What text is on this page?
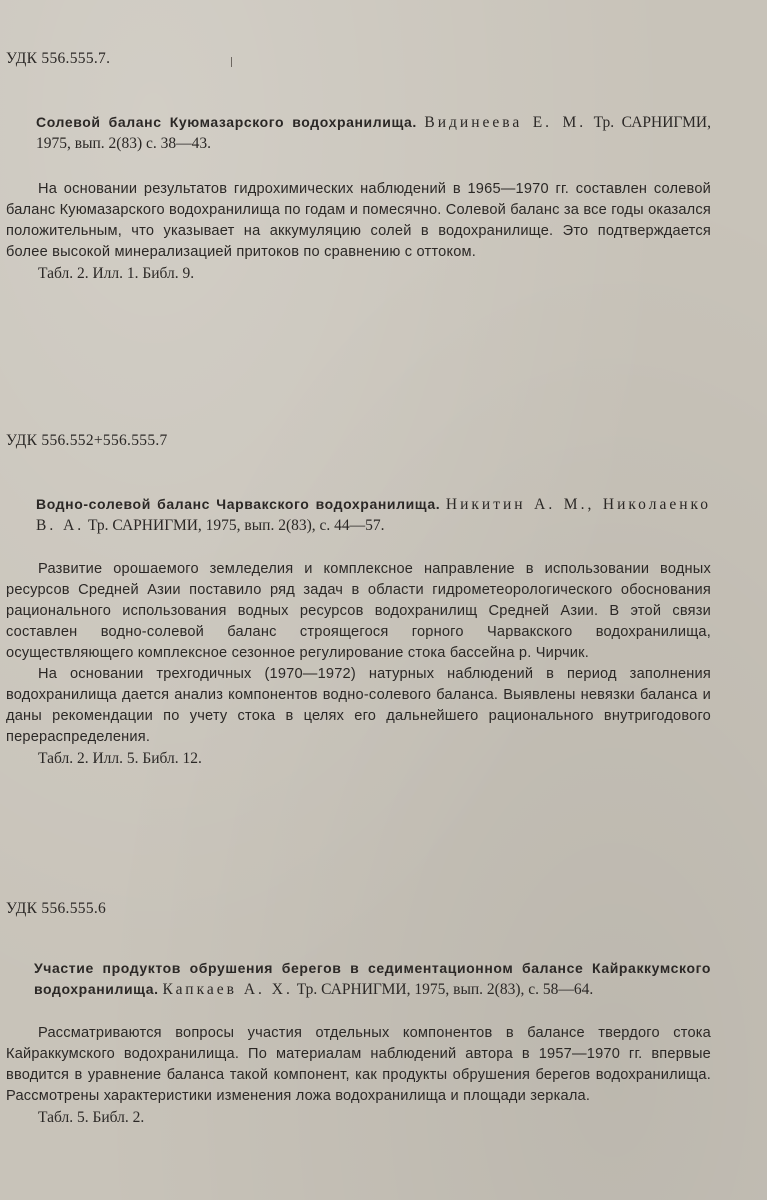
УДК 556.555.7.

Солевой баланс Куюмазарского водохранилища. Видинеева Е. М. Тр. САРНИГМИ, 1975, вып. 2(83) с. 38—43.

На основании результатов гидрохимических наблюдений в 1965—1970 гг. составлен солевой баланс Куюмазарского водохранилища по годам и помесячно. Солевой баланс за все годы оказался положительным, что указывает на аккумуляцию солей в водохранилище. Это подтверждается более высокой минерализацией притоков по сравнению с оттоком.

Табл. 2. Илл. 1. Библ. 9.

УДК 556.552+556.555.7

Водно-солевой баланс Чарвакского водохранилища. Никитин А. М., Николаенко В. А. Тр. САРНИГМИ, 1975, вып. 2(83), с. 44—57.

Развитие орошаемого земледелия и комплексное направление в использовании водных ресурсов Средней Азии поставило ряд задач в области гидрометеорологического обоснования рационального использования водных ресурсов водохранилищ Средней Азии. В этой связи составлен водно-солевой баланс строящегося горного Чарвакского водохранилища, осуществляющего комплексное сезонное регулирование стока бассейна р. Чирчик.

На основании трехгодичных (1970—1972) натурных наблюдений в период заполнения водохранилища дается анализ компонентов водно-солевого баланса. Выявлены невязки баланса и даны рекомендации по учету стока в целях его дальнейшего рационального внутригодового перераспределения.

Табл. 2. Илл. 5. Библ. 12.

УДК 556.555.6

Участие продуктов обрушения берегов в седиментационном балансе Кайраккумского водохранилища. Капкаев А. Х. Тр. САРНИГМИ, 1975, вып. 2(83), с. 58—64.

Рассматриваются вопросы участия отдельных компонентов в балансе твердого стока Кайраккумского водохранилища. По материалам наблюдений автора в 1957—1970 гг. впервые вводится в уравнение баланса такой компонент, как продукты обрушения берегов водохранилища. Рассмотрены характеристики изменения ложа водохранилища и площади зеркала.

Табл. 5. Библ. 2.
